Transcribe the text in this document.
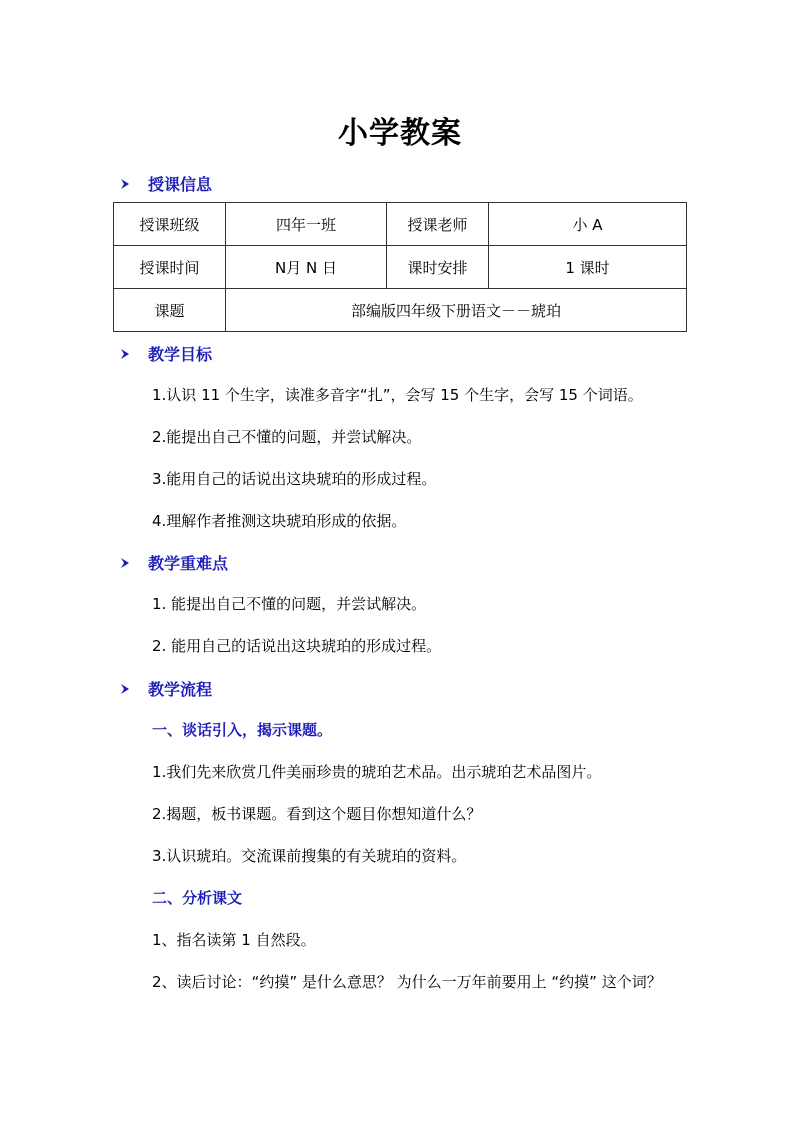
小学教案
授课信息
授课班级	四年一班	授课老师	小 A
授课时间	N月 N 日	课时安排	1 课时
课题	部编版四年级下册语文－－琥珀		
教学目标
1.认识 11 个生字，读准多音字“扎”，会写 15 个生字，会写 15 个词语。
2.能提出自己不懂的问题，并尝试解决。
3.能用自己的话说出这块琥珀的形成过程。
4.理解作者推测这块琥珀形成的依据。
教学重难点
1. 能提出自己不懂的问题，并尝试解决。
2. 能用自己的话说出这块琥珀的形成过程。
教学流程
一、谈话引入，揭示课题。
1.我们先来欣赏几件美丽珍贵的琥珀艺术品。出示琥珀艺术品图片。
2.揭题，板书课题。看到这个题目你想知道什么？
3.认识琥珀。交流课前搜集的有关琥珀的资料。
二、分析课文
1、指名读第 1 自然段。
2、读后讨论：“约摸” 是什么意思？ 为什么一万年前要用上 “约摸” 这个词？
